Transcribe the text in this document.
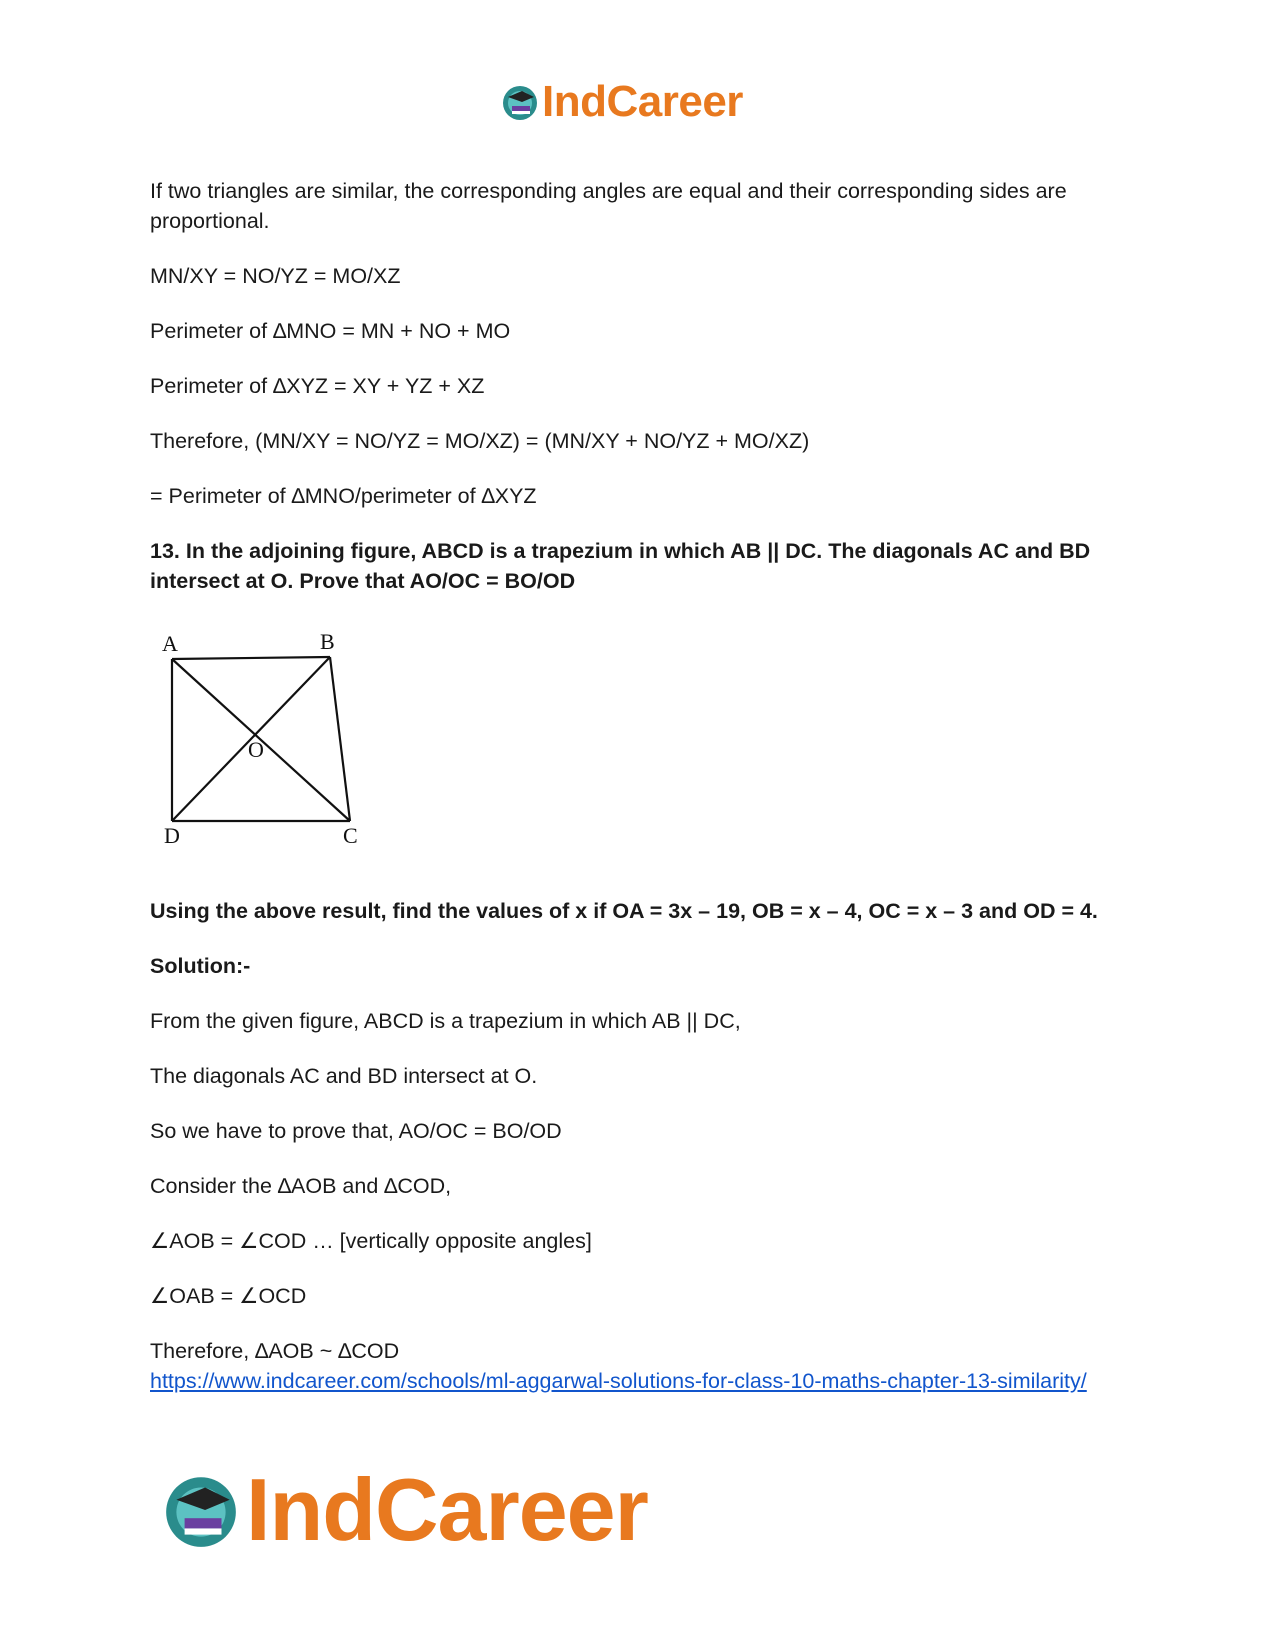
IndCareer

If two triangles are similar, the corresponding angles are equal and their corresponding sides are proportional.

MN/XY = NO/YZ = MO/XZ

Perimeter of ∆MNO = MN + NO + MO

Perimeter of ∆XYZ = XY + YZ + XZ

Therefore, (MN/XY = NO/YZ = MO/XZ) = (MN/XY + NO/YZ + MO/XZ)

= Perimeter of ∆MNO/perimeter of ∆XYZ

13. In the adjoining figure, ABCD is a trapezium in which AB || DC. The diagonals AC and BD intersect at O. Prove that AO/OC = BO/OD

A	B
C
D
O

Using the above result, find the values of x if OA = 3x – 19, OB = x – 4, OC = x – 3 and OD = 4.

Solution:-

From the given figure, ABCD is a trapezium in which AB || DC,

The diagonals AC and BD intersect at O.

So we have to prove that, AO/OC = BO/OD

Consider the ∆AOB and ∆COD,

∠AOB = ∠COD … [vertically opposite angles]

∠OAB = ∠OCD

Therefore, ∆AOB ~ ∆COD

https://www.indcareer.com/schools/ml-aggarwal-solutions-for-class-10-maths-chapter-13-similarity/
IndCareer
